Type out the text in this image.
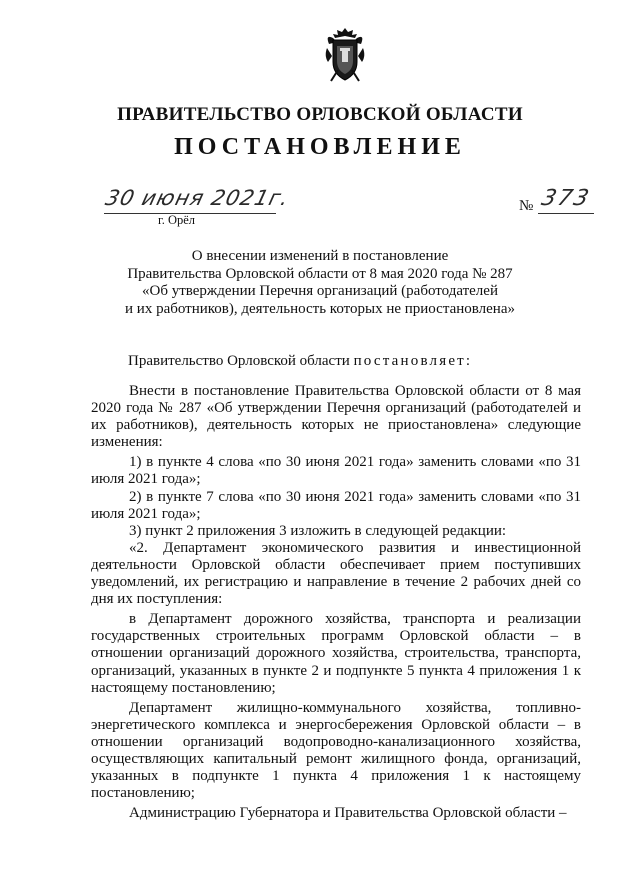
ПРАВИТЕЛЬСТВО ОРЛОВСКОЙ ОБЛАСТИ
ПОСТАНОВЛЕНИЕ
30 июня 2021г.
г. Орёл
№ 373
О внесении изменений в постановление
Правительства Орловской области от 8 мая 2020 года № 287
«Об утверждении Перечня организаций (работодателей
и их работников), деятельность которых не приостановлена»
Правительство Орловской области постановляет:

Внести в постановление Правительства Орловской области от 8 мая 2020 года № 287 «Об утверждении Перечня организаций (работодателей и их работников), деятельность которых не приостановлена» следующие изменения:

1) в пункте 4 слова «по 30 июня 2021 года» заменить словами «по 31 июля 2021 года»;

2) в пункте 7 слова «по 30 июня 2021 года» заменить словами «по 31 июля 2021 года»;

3) пункт 2 приложения 3 изложить в следующей редакции:

«2. Департамент экономического развития и инвестиционной деятельности Орловской области обеспечивает прием поступивших уведомлений, их регистрацию и направление в течение 2 рабочих дней со дня их поступления:

в Департамент дорожного хозяйства, транспорта и реализации государственных строительных программ Орловской области – в отношении организаций дорожного хозяйства, строительства, транспорта, организаций, указанных в пункте 2 и подпункте 5 пункта 4 приложения 1 к настоящему постановлению;

Департамент жилищно-коммунального хозяйства, топливно-энергетического комплекса и энергосбережения Орловской области – в отношении организаций водопроводно-канализационного хозяйства, осуществляющих капитальный ремонт жилищного фонда, организаций, указанных в подпункте 1 пункта 4 приложения 1 к настоящему постановлению;

Администрацию Губернатора и Правительства Орловской области –
